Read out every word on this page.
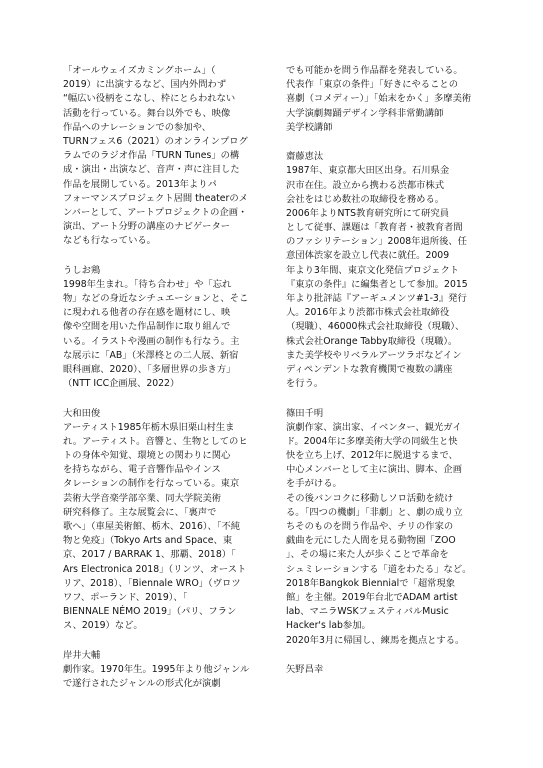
「オールウェイズカミングホーム」（
2019）に出演するなど、国内外問わず
“幅広い役柄をこなし、枠にとらわれない
活動を行っている。舞台以外でも、映像
作品へのナレーションでの参加や、
TURNフェス6（2021）のオンラインプログ
ラムでのラジオ作品「TURN Tunes」の構
成・演出・出演など、音声・声に注目した
作品を展開している。2013年よりパ
フォーマンスプロジェクト居間 theaterのメ
ンバーとして、アートプロジェクトの企画・
演出、アート分野の講座のナビゲーター
なども行なっている。
うしお鶏
1998年生まれ。「待ち合わせ」や「忘れ
物」などの身近なシチュエーションと、そこ
に現われる他者の存在感を題材にし、映
像や空間を用いた作品制作に取り組んで
いる。イラストや漫画の制作も行なう。主
な展示に「AB」（米澤柊との二人展、新宿
眼科画廊、2020）、「多層世界の歩き方」
（NTT ICC企画展、2022）
大和田俊
アーティスト1985年栃木県旧栗山村生ま
れ。アーティスト。音響と、生物としてのヒ
トの身体や知覚、環境との関わりに関心
を持ちながら、電子音響作品やインス
タレーションの制作を行なっている。東京
芸術大学音楽学部卒業、同大学院美術
研究科修了。主な展覧会に、「裏声で
歌へ」（車屋美術館、栃木、2016）、「不純
物と免疫」（Tokyo Arts and Space、東
京、2017 / BARRAK 1、那覇、2018）「
Ars Electronica 2018」（リンツ、オースト
リア、2018）、「Biennale WRO」（ヴロツ
ワフ、ポーランド、2019）、「
BIENNALE NÉMO 2019」（パリ、フラン
ス、2019）など。
岸井大輔
劇作家。1970年生。1995年より他ジャンル
で遂行されたジャンルの形式化が演劇
でも可能かを問う作品群を発表している。
代表作「東京の条件」「好きにやることの
喜劇（コメディー）」「始末をかく」多摩美術
大学演劇舞踊デザイン学科非常勤講師
美学校講師
齋藤恵汰
1987年、東京都大田区出身。石川県金
沢市在住。設立から携わる渋都市株式
会社をはじめ数社の取締役を務める。
2006年よりNTS教育研究所にて研究員
として従事、課題は「教育者・被教育者間
のファシリテーション」2008年退所後、任
意団体渋家を設立し代表に就任。2009
年より3年間、東京文化発信プロジェクト
『東京の条件』に編集者として参加。2015
年より批評誌『アーギュメンツ#1-3』発行
人。2016年より渋都市株式会社取締役
（現職）、46000株式会社取締役（現職）、
株式会社Orange Tabby取締役（現職）。
また美学校やリベラルアーツラボなどイン
ディペンデントな教育機関で複数の講座
を行う。
篠田千明
演劇作家、演出家、イベンター、観光ガイ
ド。2004年に多摩美術大学の同級生と快
快を立ち上げ、2012年に脱退するまで、
中心メンバーとして主に演出、脚本、企画
を手がける。
その後バンコクに移動しソロ活動を続け
る。「四つの機劇」「非劇」と、劇の成り立
ちそのものを問う作品や、チリの作家の
戯曲を元にした人間を見る動物園「ZOO
」、その場に来た人が歩くことで革命を
シュミレーションする「道をわたる」など。
2018年Bangkok Biennialで「超常現象
館」を主催。2019年台北でADAM artist
lab、マニラWSKフェスティバルMusic
Hacker's lab参加。
2020年3月に帰国し、練馬を拠点とする。
矢野昌幸
